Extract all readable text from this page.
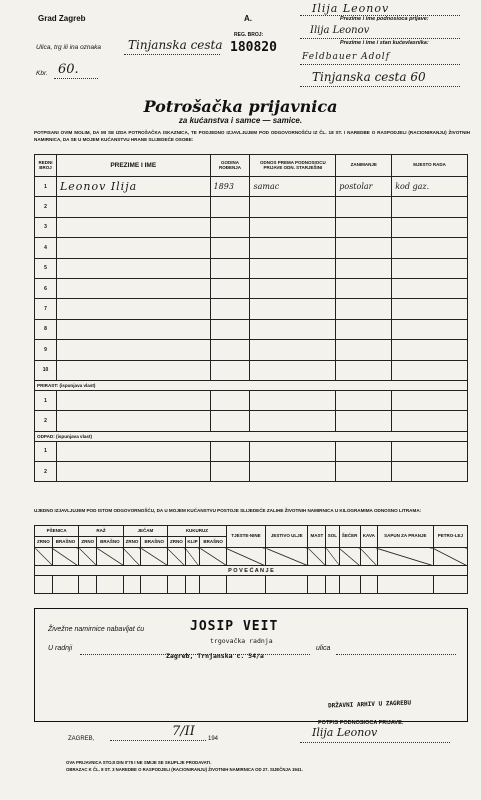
Grad Zagreb	A.
Ulica, trg ili ina oznaka Tinjanska cesta
Kbr. 60.
REG. BROJ:
180820
Ilija Leonov
Prezime i ime podnosioca prijave:
Ilija Leonov
Prezime i ime i stan kućevlasnika:
Feldbauer Adolf
Tinjanska cesta 60
Potrošačka prijavnica
za kućanstva i samce — samice.
POTPISANI OVIM MOLIM, DA MI SE IZDA POTROŠAČKA ISKAZNICA, TE PODJEDNO IZJAVLJUJEM POD ODGOVORNOŠĆU IZ ČL. 18 ST. I NAREDBE O RASPODJELI (RACIONIRANJU) ŽIVOTNIH NAMIRNICA, DA SE U MOJEM KUĆANSTVU HRANE SLIJEDEĆE OSOBE:
REDNI BROJ	PREZIME I IME	GODINA ROĐENJA	ODNOS PREMA PODNOSIOCU PRIJAVE ODN. STARJEŠINI	ZANIMANJE	MJESTO RADA
1	Leonov Ilija	1893	samac	postolar	kod gaz.
2					
3					
4					
5					
6					
7					
8					
9					
10					
PRIRAST: (ispunjava vlast)					
1					
2					
ODPAD: (ispunjava vlast)					
1					
2					
UJEDNO IZJAVLJUJEM POD ISTOM ODGOVORNOŠĆU, DA U MOJEM KUĆANSTVU POSTOJE SLIJEDEĆE ZALIHE ŽIVOTNIH NAMIRNICA U KILOGRAMIMA ODNOSNO LITRAMA:
PŠENICA		RAŽ		JEČAM		KUKURUZ			TJESTE-NINE	JESTIVO ULJE	MAST	SOL	ŠEĆER	KAVA	SAPUN ZA PRANJE	PETRO-LEJ
ZRNO	BRAŠNO	ZRNO	BRAŠNO	ZRNO	BRAŠNO	ZRNO	KLIP	BRAŠNO								

P O V E Ć A N J E																

Živežne namirnice nabavljat ću	JOSIP VEIT
trgovačka radnja
U radnji	ulica
Zagreb, Trnjanska c. 54/a
DRŽAVNI ARHIV U ZAGREBU
ZAGREB,	7/II 194
POTPIS PODNOSIOCA PRIJAVE:
Ilija Leonov
OVA PRIJAVNICA STOJI DIN 0'75 I NE SMIJE SE SKUPLJE PRODAVATI.
OBRAZAC K ČL. 8 ST. 3 NAREDBE O RASPODJELI (RACIONIRANJU) ŽIVOTNIH NAMIRNICA OD 27. SIJEČNJA 1941.
